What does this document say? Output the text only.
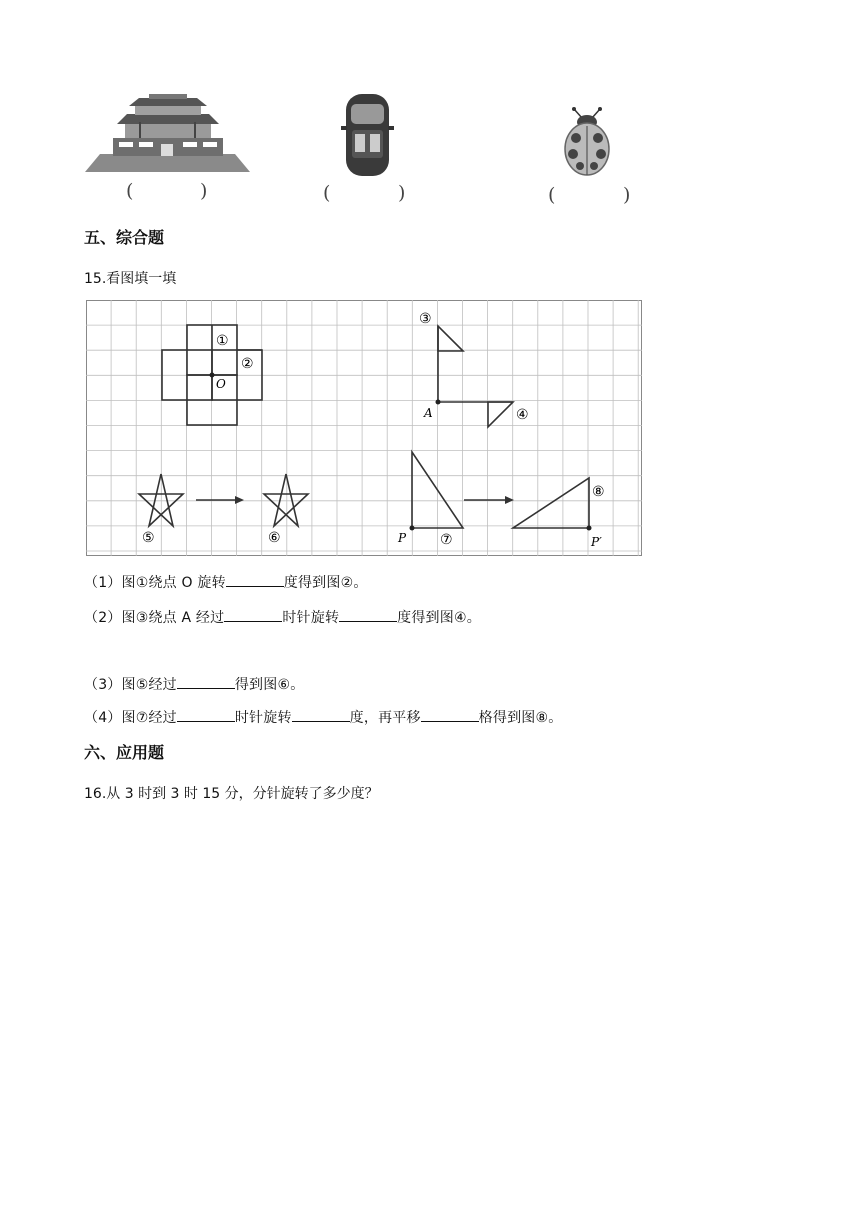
(	)	(	)	(	)
五、综合题
15.看图填一填
O
①
②
A
③
④
⑤	⑥	P	P′
⑦
⑧
（1）图①绕点 O 旋转	度得到图②。
（2）图③绕点 A 经过	时针旋转	度得到图④。
（3）图⑤经过	得到图⑥。
（4）图⑦经过	时针旋转	度，再平移	格得到图⑧。
六、应用题
16.从 3 时到 3 时 15 分，分针旋转了多少度？
